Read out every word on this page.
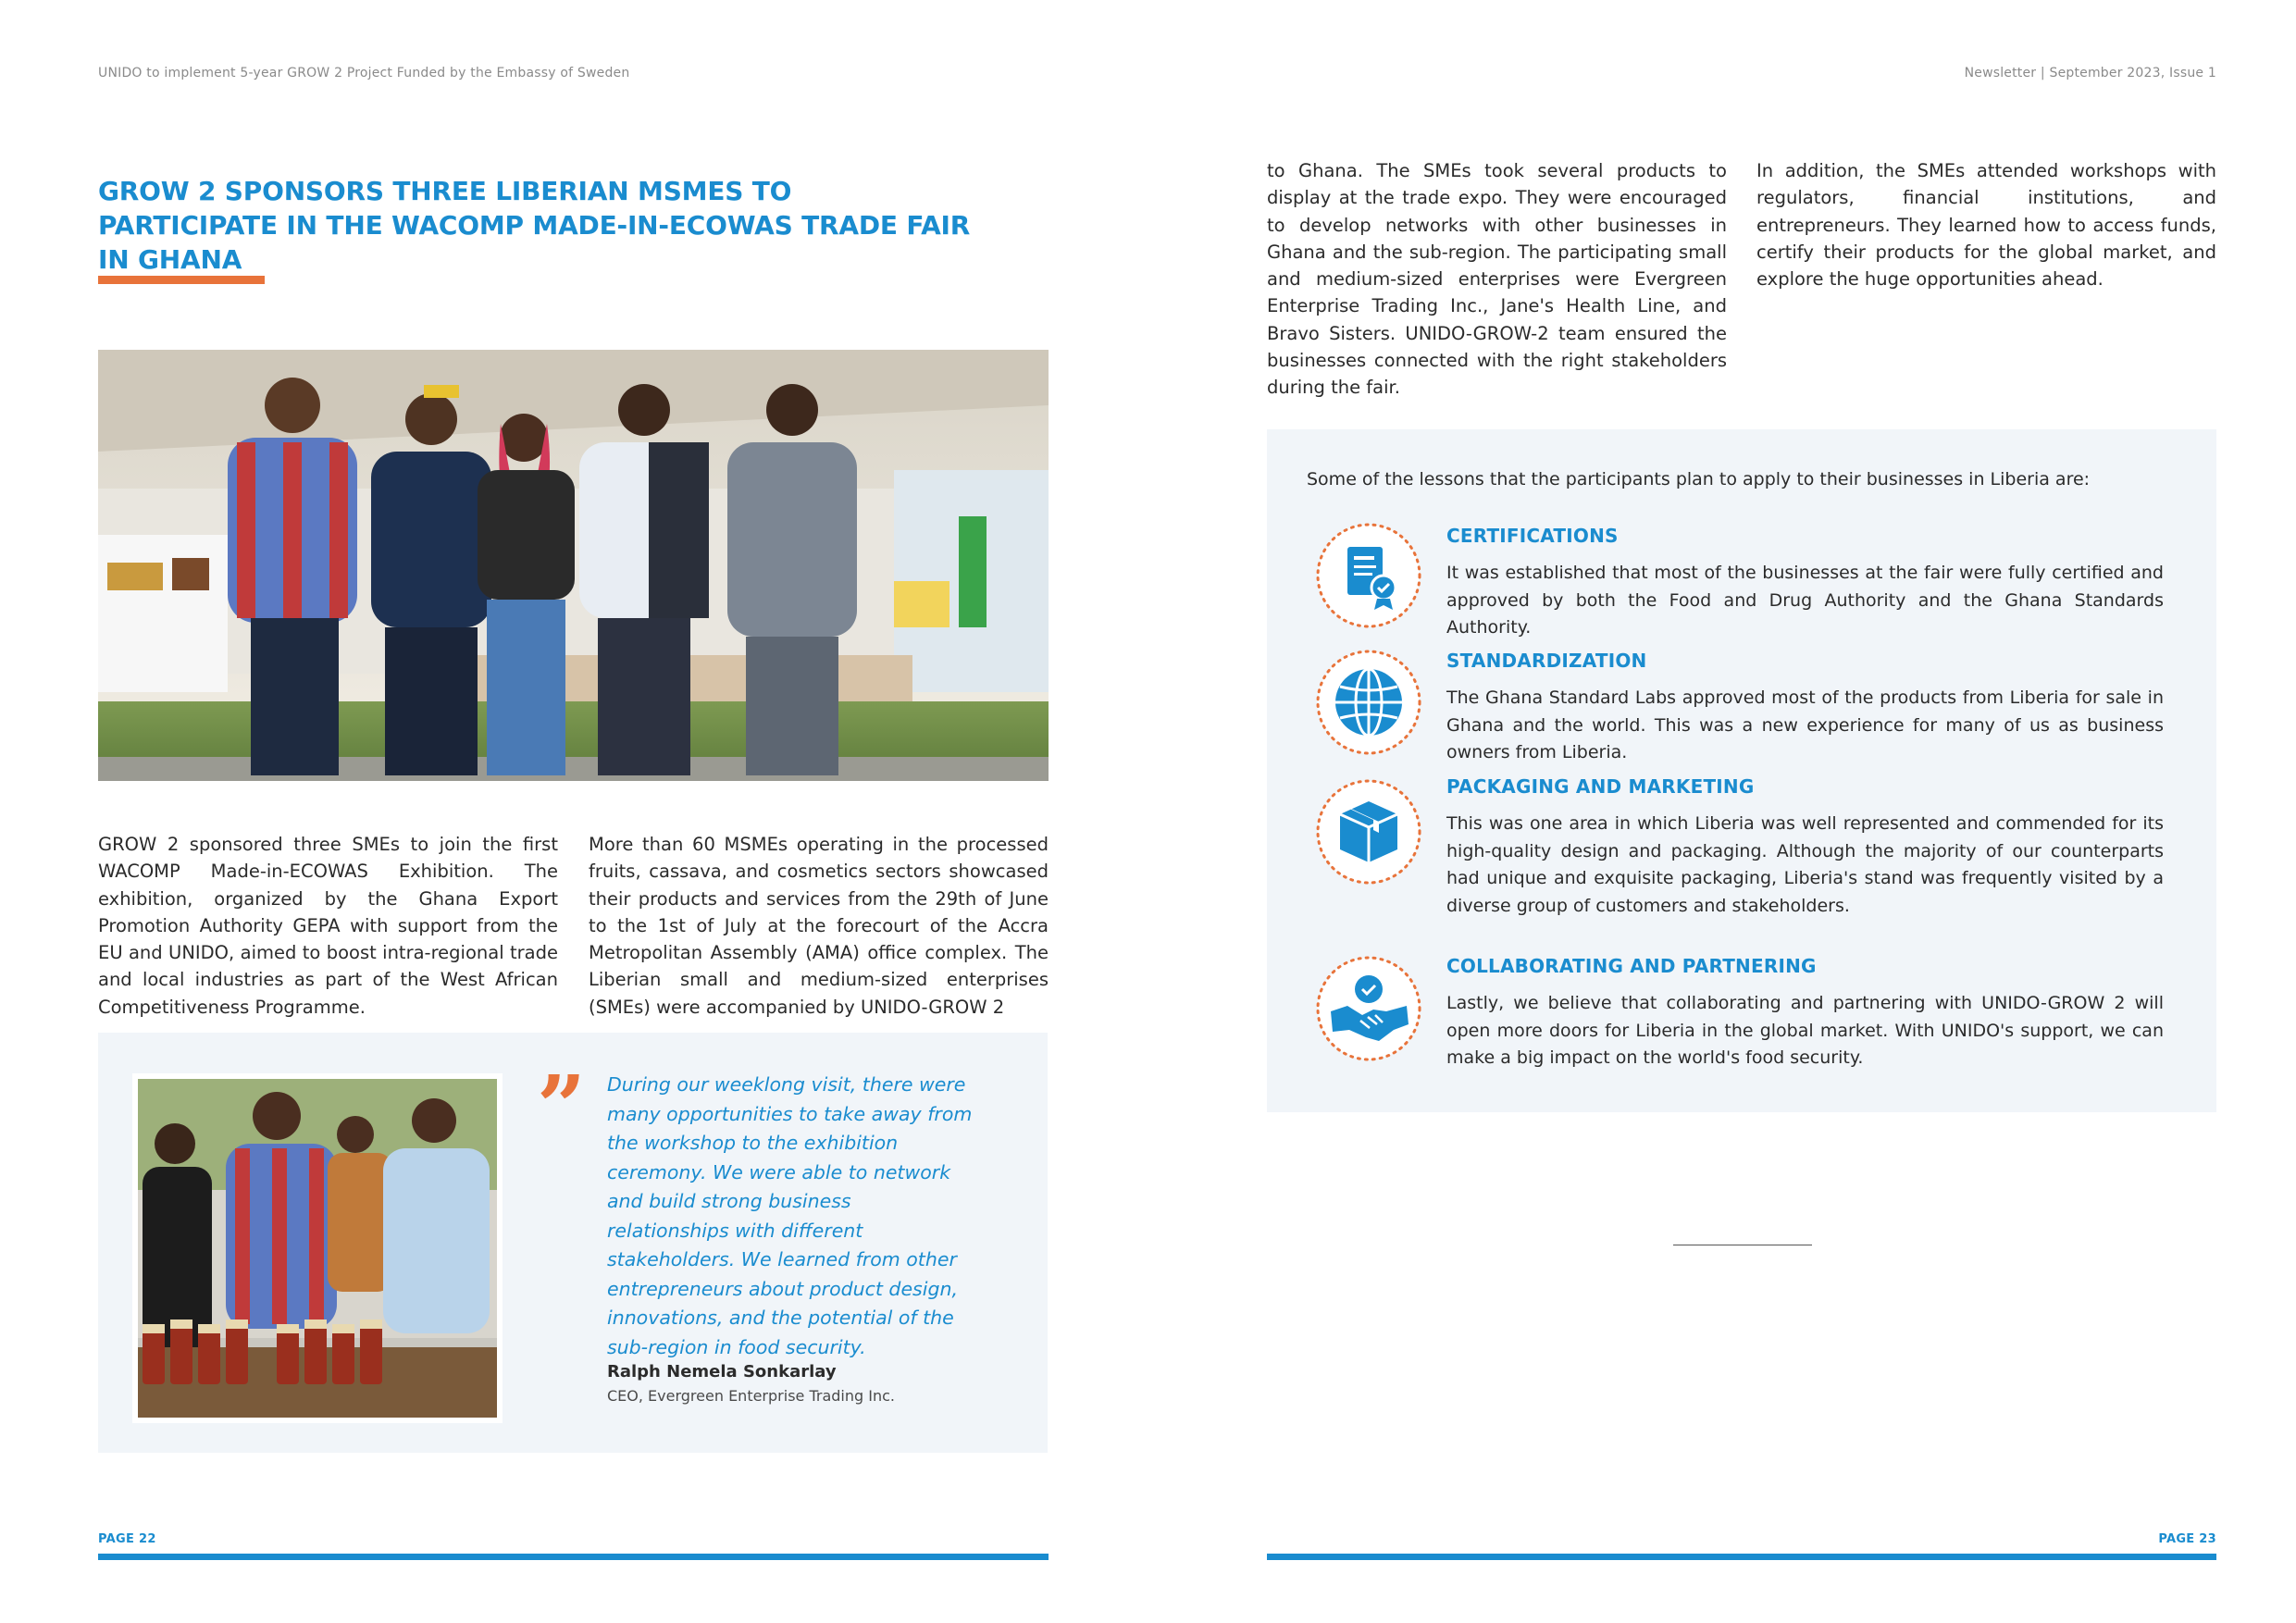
UNIDO to implement 5-year GROW 2 Project Funded by the Embassy of Sweden	Newsletter | September 2023, Issue 1
GROW 2 SPONSORS THREE LIBERIAN MSMES TO PARTICIPATE IN THE WACOMP MADE-IN-ECOWAS TRADE FAIR IN GHANA
GROW 2 sponsored three SMEs to join the first WACOMP Made-in-ECOWAS Exhibition. The exhibition, organized by the Ghana Export Promotion Authority GEPA with support from the EU and UNIDO, aimed to boost intra-regional trade and local industries as part of the West African Competitiveness Programme.
More than 60 MSMEs operating in the processed fruits, cassava, and cosmetics sectors showcased their products and services from the 29th of June to the 1st of July at the forecourt of the Accra Metropolitan Assembly (AMA) office complex. The Liberian small and medium-sized enterprises (SMEs) were accompanied by UNIDO-GROW 2
to Ghana. The SMEs took several products to display at the trade expo. They were encouraged to develop networks with other businesses in Ghana and the sub-region. The participating small and medium-sized enterprises were Evergreen Enterprise Trading Inc., Jane's Health Line, and Bravo Sisters. UNIDO-GROW-2 team ensured the businesses connected with the right stakeholders during the fair.
In addition, the SMEs attended workshops with regulators, financial institutions, and entrepreneurs. They learned how to access funds, certify their products for the global market, and explore the huge opportunities ahead.
” During our weeklong visit, there were many opportunities to take away from the workshop to the exhibition ceremony. We were able to network and build strong business relationships with different stakeholders. We learned from other entrepreneurs about product design, innovations, and the potential of the sub-region in food security.
Ralph Nemela Sonkarlay
CEO, Evergreen Enterprise Trading Inc.
Some of the lessons that the participants plan to apply to their businesses in Liberia are:
CERTIFICATIONS
It was established that most of the businesses at the fair were fully certified and approved by both the Food and Drug Authority and the Ghana Standards Authority.
STANDARDIZATION
The Ghana Standard Labs approved most of the products from Liberia for sale in Ghana and the world. This was a new experience for many of us as business owners from Liberia.
PACKAGING AND MARKETING
This was one area in which Liberia was well represented and commended for its high-quality design and packaging. Although the majority of our counterparts had unique and exquisite packaging, Liberia's stand was frequently visited by a diverse group of customers and stakeholders.
COLLABORATING AND PARTNERING
Lastly, we believe that collaborating and partnering with UNIDO-GROW 2 will open more doors for Liberia in the global market. With UNIDO's support, we can make a big impact on the world's food security.
PAGE 22	PAGE 23
